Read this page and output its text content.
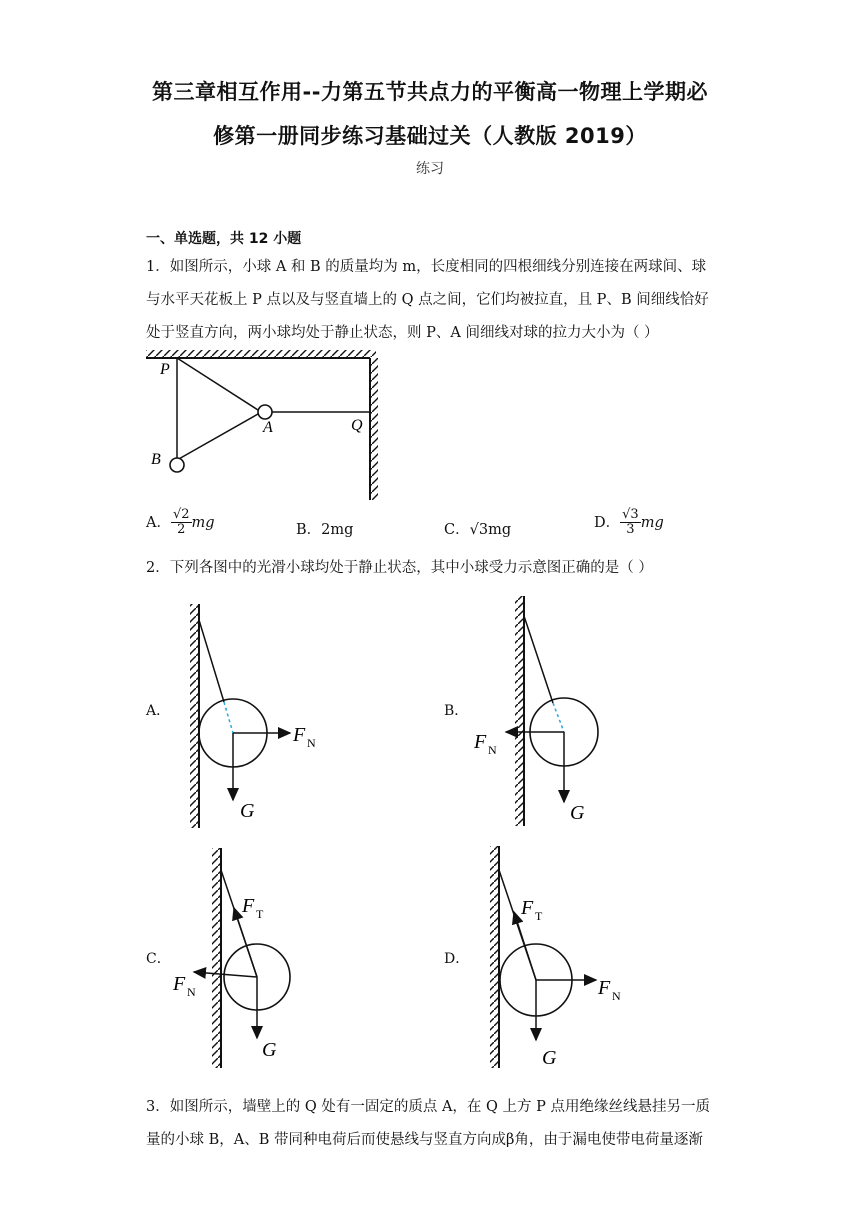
第三章相互作用--力第五节共点力的平衡高一物理上学期必
修第一册同步练习基础过关（人教版 2019）
练习
一、单选题，共 12 小题
1．如图所示，小球 A 和 B 的质量均为 m，长度相同的四根细线分别连接在两球间、球
与水平天花板上 P 点以及与竖直墙上的 Q 点之间，它们均被拉直，且 P、B 间细线恰好
处于竖直方向，两小球均处于静止状态，则 P、A 间细线对球的拉力大小为（ ）
P
A	Q
B
A． $\frac{√2}{2}$ mg	B．2mg	C．√3mg	D． $\frac{√3}{3}$ mg
2．下列各图中的光滑小球均处于静止状态，其中小球受力示意图正确的是（ ）
A．	B．
C．	D．
F N
G
F N
G
F T
F N
G
F T
F N
G
3．如图所示，墙壁上的 Q 处有一固定的质点 A，在 Q 上方 P 点用绝缘丝线悬挂另一质
量的小球 B，A、B 带同种电荷后而使悬线与竖直方向成β角，由于漏电使带电荷量逐渐
